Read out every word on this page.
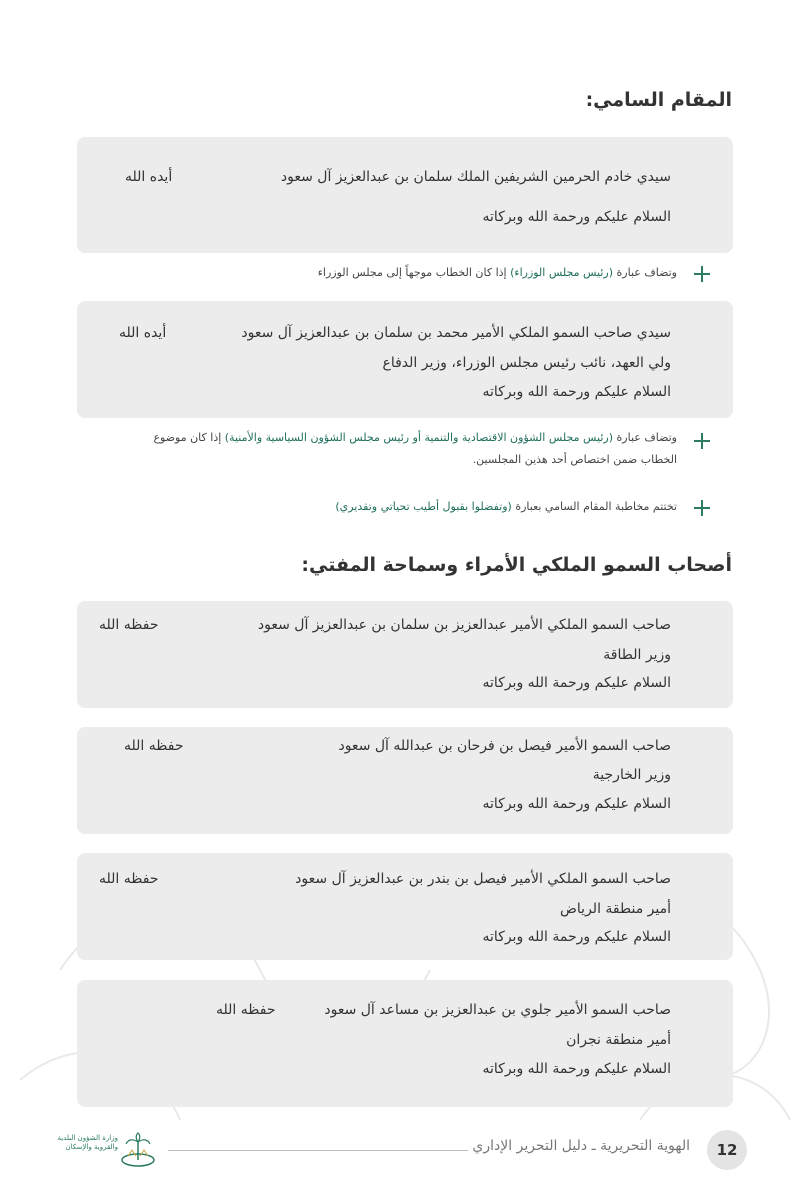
المقام السامي:
سيدي خادم الحرمين الشريفين الملك سلمان بن عبدالعزيز آل سعود
أيده الله
السلام عليكم ورحمة الله وبركاته
وتضاف عبارة (رئيس مجلس الوزراء) إذا كان الخطاب موجهاً إلى مجلس الوزراء
سيدي صاحب السمو الملكي الأمير محمد بن سلمان بن عبدالعزيز آل سعود
أيده الله
ولي العهد، نائب رئيس مجلس الوزراء، وزير الدفاع
السلام عليكم ورحمة الله وبركاته
وتضاف عبارة (رئيس مجلس الشؤون الاقتصادية والتنمية أو رئيس مجلس الشؤون السياسية والأمنية) إذا كان موضوع الخطاب ضمن اختصاص أحد هذين المجلسين.
تختتم مخاطبة المقام السامي بعبارة (وتفضلوا بقبول أطيب تحياتي وتقديري)
أصحاب السمو الملكي الأمراء وسماحة المفتي:
صاحب السمو الملكي الأمير عبدالعزيز بن سلمان بن عبدالعزيز آل سعود
حفظه الله
وزير الطاقة
السلام عليكم ورحمة الله وبركاته
صاحب السمو الأمير فيصل بن فرحان بن عبدالله آل سعود
حفظه الله
وزير الخارجية
السلام عليكم ورحمة الله وبركاته
صاحب السمو الملكي الأمير فيصل بن بندر بن عبدالعزيز آل سعود
حفظه الله
أمير منطقة الرياض
السلام عليكم ورحمة الله وبركاته
صاحب السمو الأمير جلوي بن عبدالعزيز بن مساعد آل سعود
حفظه الله
أمير منطقة نجران
السلام عليكم ورحمة الله وبركاته
12
الهوية التحريرية ـ دليل التحرير الإداري
وزارة الشؤون البلدية
والقروية والإسكان
